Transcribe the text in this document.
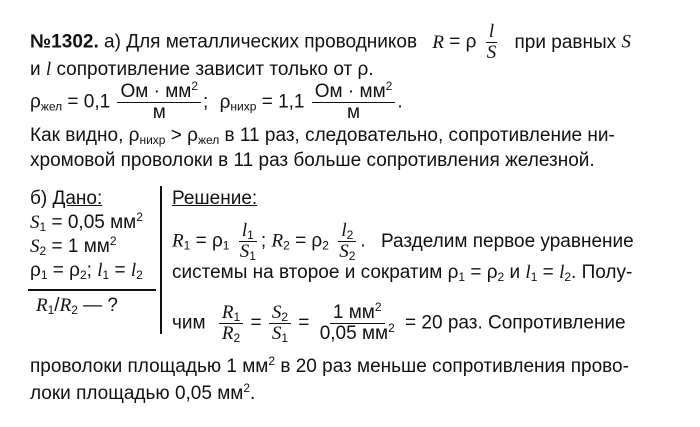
№1302. а) Для металлических проводников R = ρ $\frac{l}{S}$ при равных S
и l сопротивление зависит только от ρ.
$\rho_{жел} = 0,1 \frac{Ом \cdot мм^2}{м}$ ; $\rho_{нихр} = 1,1 \frac{Ом \cdot мм^2}{м}$ .
Как видно, $\rho_{нихр} > \rho_{жел}$ в 11 раз, следовательно, сопротивление ни-
хромовой проволоки в 11 раз больше сопротивления железной.
б) Дано:
$S_1 = 0,05$ $мм^2$
$S_2 = 1$ $мм^2$
$\rho_1 = \rho_2$; $l_1 = l_2$
$R_1/R_2$ — ?
Решение:
$R_1 = \rho_1 \frac{l_1}{S_1}$ ; $R_2 = \rho_2 \frac{l_2}{S_2}$ . Разделим первое уравнение
системы на второе и сократим $\rho_1 = \rho_2$ и $l_1 = l_2$. Полу-
чим $\frac{R_1}{R_2} = \frac{S_2}{S_1} = \frac{1 мм^2}{0,05 мм^2} = 20$ раз. Сопротивление
проволоки площадью 1 $мм^2$ в 20 раз меньше сопротивления прово-
локи площадью 0,05 $мм^2$.
